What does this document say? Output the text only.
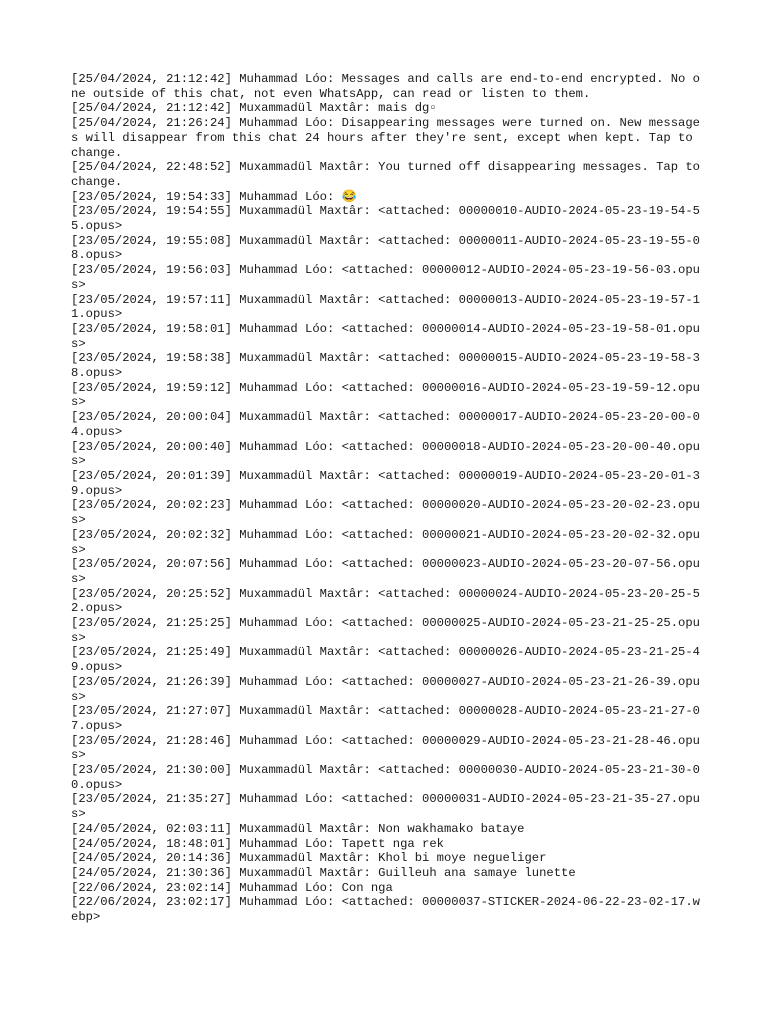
[25/04/2024, 21:12:42] Muhammad Lóo: Messages and calls are end-to-end encrypted. No one outside of this chat, not even WhatsApp, can read or listen to them.

[25/04/2024, 21:12:42] Muxammadül Maxtâr: mais dg▫

[25/04/2024, 21:26:24] Muhammad Lóo: Disappearing messages were turned on. New messages will disappear from this chat 24 hours after they're sent, except when kept. Tap to change.

[25/04/2024, 22:48:52] Muxammadül Maxtâr: You turned off disappearing messages. Tap to change.

[23/05/2024, 19:54:33] Muhammad Lóo: 😂

[23/05/2024, 19:54:55] Muxammadül Maxtâr: <attached: 00000010-AUDIO-2024-05-23-19-54-55.opus>

[23/05/2024, 19:55:08] Muxammadül Maxtâr: <attached: 00000011-AUDIO-2024-05-23-19-55-08.opus>

[23/05/2024, 19:56:03] Muhammad Lóo: <attached: 00000012-AUDIO-2024-05-23-19-56-03.opus>

[23/05/2024, 19:57:11] Muxammadül Maxtâr: <attached: 00000013-AUDIO-2024-05-23-19-57-11.opus>

[23/05/2024, 19:58:01] Muhammad Lóo: <attached: 00000014-AUDIO-2024-05-23-19-58-01.opus>

[23/05/2024, 19:58:38] Muxammadül Maxtâr: <attached: 00000015-AUDIO-2024-05-23-19-58-38.opus>

[23/05/2024, 19:59:12] Muhammad Lóo: <attached: 00000016-AUDIO-2024-05-23-19-59-12.opus>

[23/05/2024, 20:00:04] Muxammadül Maxtâr: <attached: 00000017-AUDIO-2024-05-23-20-00-04.opus>

[23/05/2024, 20:00:40] Muhammad Lóo: <attached: 00000018-AUDIO-2024-05-23-20-00-40.opus>

[23/05/2024, 20:01:39] Muxammadül Maxtâr: <attached: 00000019-AUDIO-2024-05-23-20-01-39.opus>

[23/05/2024, 20:02:23] Muhammad Lóo: <attached: 00000020-AUDIO-2024-05-23-20-02-23.opus>

[23/05/2024, 20:02:32] Muhammad Lóo: <attached: 00000021-AUDIO-2024-05-23-20-02-32.opus>

[23/05/2024, 20:07:56] Muhammad Lóo: <attached: 00000023-AUDIO-2024-05-23-20-07-56.opus>

[23/05/2024, 20:25:52] Muxammadül Maxtâr: <attached: 00000024-AUDIO-2024-05-23-20-25-52.opus>

[23/05/2024, 21:25:25] Muhammad Lóo: <attached: 00000025-AUDIO-2024-05-23-21-25-25.opus>

[23/05/2024, 21:25:49] Muxammadül Maxtâr: <attached: 00000026-AUDIO-2024-05-23-21-25-49.opus>

[23/05/2024, 21:26:39] Muhammad Lóo: <attached: 00000027-AUDIO-2024-05-23-21-26-39.opus>

[23/05/2024, 21:27:07] Muxammadül Maxtâr: <attached: 00000028-AUDIO-2024-05-23-21-27-07.opus>

[23/05/2024, 21:28:46] Muhammad Lóo: <attached: 00000029-AUDIO-2024-05-23-21-28-46.opus>

[23/05/2024, 21:30:00] Muxammadül Maxtâr: <attached: 00000030-AUDIO-2024-05-23-21-30-00.opus>

[23/05/2024, 21:35:27] Muhammad Lóo: <attached: 00000031-AUDIO-2024-05-23-21-35-27.opus>

[24/05/2024, 02:03:11] Muxammadül Maxtâr: Non wakhamako bataye

[24/05/2024, 18:48:01] Muhammad Lóo: Tapett nga rek

[24/05/2024, 20:14:36] Muxammadül Maxtâr: Khol bi moye negueliger

[24/05/2024, 21:30:36] Muxammadül Maxtâr: Guilleuh ana samaye lunette

[22/06/2024, 23:02:14] Muhammad Lóo: Con nga

[22/06/2024, 23:02:17] Muhammad Lóo: <attached: 00000037-STICKER-2024-06-22-23-02-17.webp>
